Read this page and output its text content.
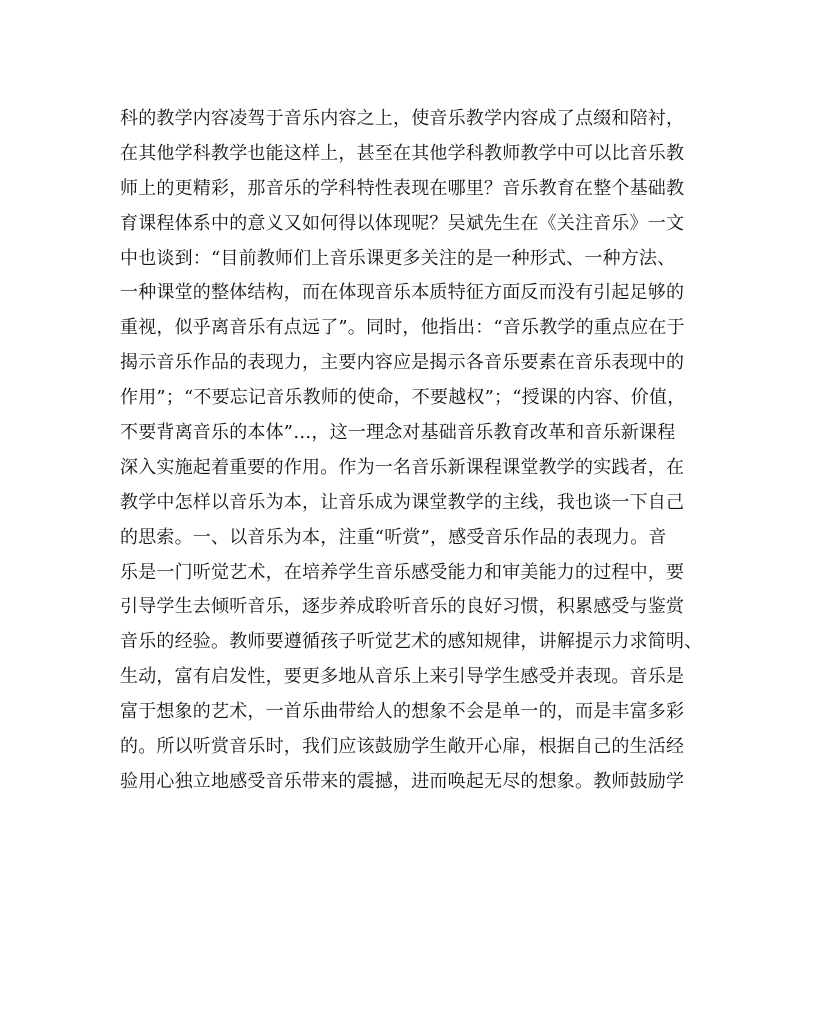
科的教学内容凌驾于音乐内容之上，使音乐教学内容成了点缀和陪衬，
在其他学科教学也能这样上，甚至在其他学科教师教学中可以比音乐教
师上的更精彩，那音乐的学科特性表现在哪里？音乐教育在整个基础教
育课程体系中的意义又如何得以体现呢？吴斌先生在《关注音乐》一文
中也谈到：“目前教师们上音乐课更多关注的是一种形式、一种方法、
一种课堂的整体结构，而在体现音乐本质特征方面反而没有引起足够的
重视，似乎离音乐有点远了”。同时，他指出：“音乐教学的重点应在于
揭示音乐作品的表现力，主要内容应是揭示各音乐要素在音乐表现中的
作用”；“不要忘记音乐教师的使命，不要越权”；“授课的内容、价值，
不要背离音乐的本体”…，这一理念对基础音乐教育改革和音乐新课程
深入实施起着重要的作用。作为一名音乐新课程课堂教学的实践者，在
教学中怎样以音乐为本，让音乐成为课堂教学的主线，我也谈一下自己
的思索。一、以音乐为本，注重“听赏”，感受音乐作品的表现力。音
乐是一门听觉艺术，在培养学生音乐感受能力和审美能力的过程中，要
引导学生去倾听音乐，逐步养成聆听音乐的良好习惯，积累感受与鉴赏
音乐的经验。教师要遵循孩子听觉艺术的感知规律，讲解提示力求简明、
生动，富有启发性，要更多地从音乐上来引导学生感受并表现。音乐是
富于想象的艺术，一首乐曲带给人的想象不会是单一的，而是丰富多彩
的。所以听赏音乐时，我们应该鼓励学生敞开心扉，根据自己的生活经
验用心独立地感受音乐带来的震撼，进而唤起无尽的想象。教师鼓励学
